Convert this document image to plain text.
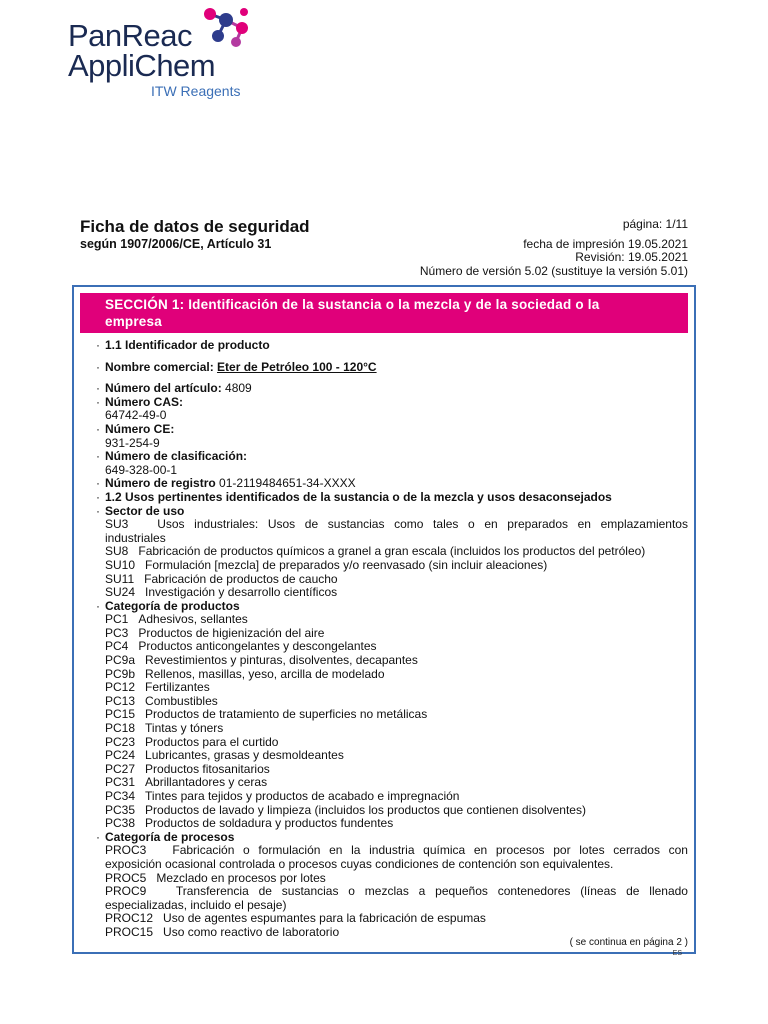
PanReac
AppliChem
ITW Reagents
Ficha de datos de seguridad
según 1907/2006/CE, Artículo 31
página: 1/11
fecha de impresión 19.05.2021
Revisión: 19.05.2021
Número de versión 5.02 (sustituye la versión 5.01)
SECCIÓN 1: Identificación de la sustancia o la mezcla y de la sociedad o la
empresa
· 1.1 Identificador de producto
· Nombre comercial: Eter de Petróleo 100 - 120°C
· Número del artículo: 4809
· Número CAS:
64742-49-0
· Número CE:
931-254-9
· Número de clasificación:
649-328-00-1
· Número de registro 01-2119484651-34-XXXX
· 1.2 Usos pertinentes identificados de la sustancia o de la mezcla y usos desaconsejados
· Sector de uso
SU3 Usos industriales: Usos de sustancias como tales o en preparados en emplazamientos
industriales
SU8 Fabricación de productos químicos a granel a gran escala (incluidos los productos del petróleo)
SU10 Formulación [mezcla] de preparados y/o reenvasado (sin incluir aleaciones)
SU11 Fabricación de productos de caucho
SU24 Investigación y desarrollo científicos
· Categoría de productos
PC1 Adhesivos, sellantes
PC3 Productos de higienización del aire
PC4 Productos anticongelantes y descongelantes
PC9a Revestimientos y pinturas, disolventes, decapantes
PC9b Rellenos, masillas, yeso, arcilla de modelado
PC12 Fertilizantes
PC13 Combustibles
PC15 Productos de tratamiento de superficies no metálicas
PC18 Tintas y tóners
PC23 Productos para el curtido
PC24 Lubricantes, grasas y desmoldeantes
PC27 Productos fitosanitarios
PC31 Abrillantadores y ceras
PC34 Tintes para tejidos y productos de acabado e impregnación
PC35 Productos de lavado y limpieza (incluidos los productos que contienen disolventes)
PC38 Productos de soldadura y productos fundentes
· Categoría de procesos
PROC3 Fabricación o formulación en la industria química en procesos por lotes cerrados con
exposición ocasional controlada o procesos cuyas condiciones de contención son equivalentes.
PROC5 Mezclado en procesos por lotes
PROC9 Transferencia de sustancias o mezclas a pequeños contenedores (líneas de llenado
especializadas, incluido el pesaje)
PROC12 Uso de agentes espumantes para la fabricación de espumas
PROC15 Uso como reactivo de laboratorio
( se continua en página 2 )
ES
